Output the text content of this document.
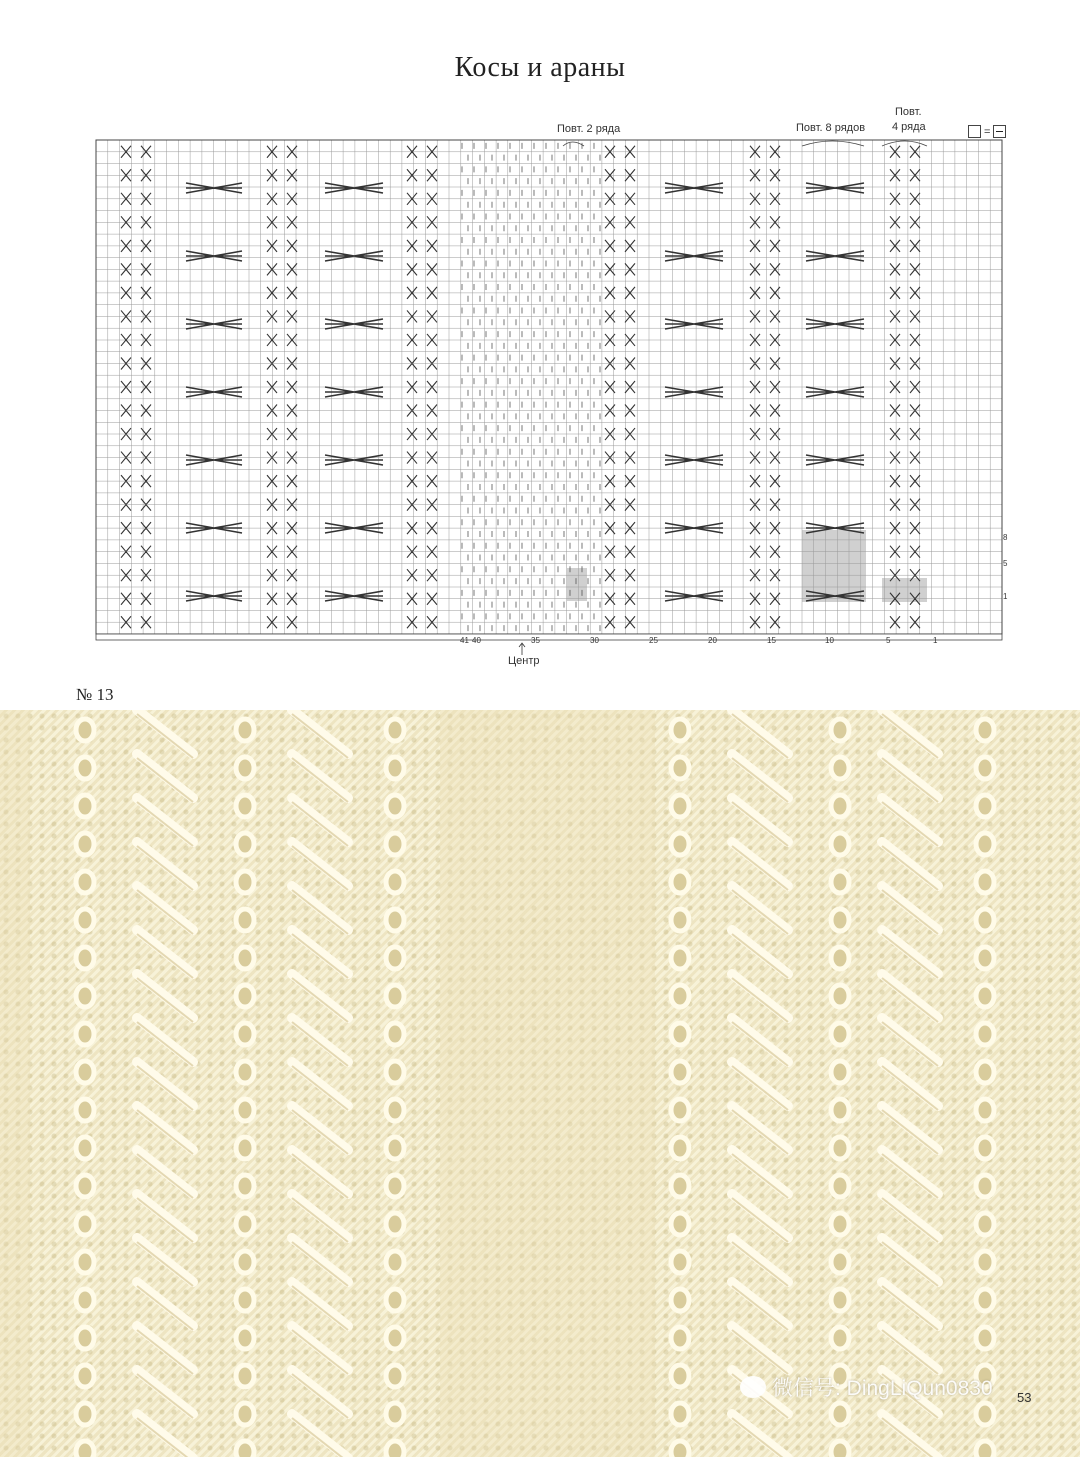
Косы и араны
Повт. 2 ряда	Повт. 8 рядов
Повт.
4 ряда	=
Центр
41 40	35	30	25	20	15	10	5	1
8
5
1
№ 13
微信号: DingLiQun0830 53
